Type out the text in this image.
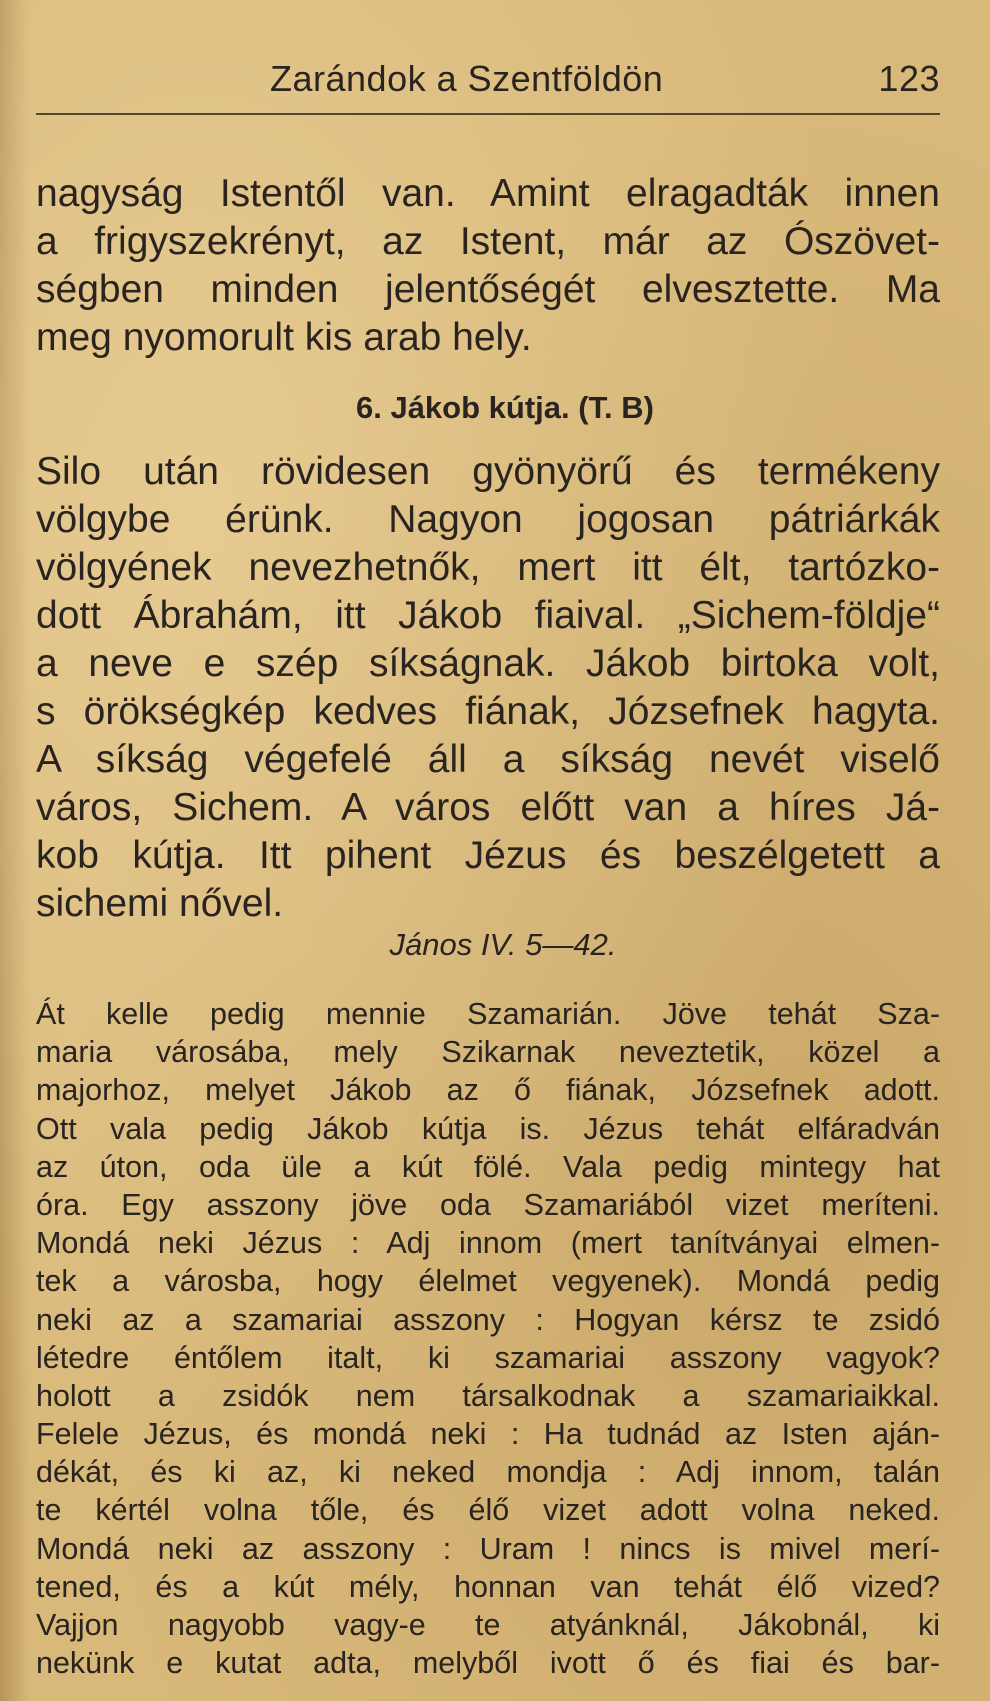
Zarándok a Szentföldön	123
nagyság Istentől van. Amint elragadták innen
a frigyszekrényt, az Istent, már az Ószövet-
ségben minden jelentőségét elvesztette. Ma
meg nyomorult kis arab hely.
6. Jákob kútja. (T. B)
Silo után rövidesen gyönyörű és termékeny
völgybe érünk. Nagyon jogosan pátriárkák
völgyének nevezhetnők, mert itt élt, tartózko-
dott Ábrahám, itt Jákob fiaival. „Sichem-földje“
a neve e szép síkságnak. Jákob birtoka volt,
s örökségkép kedves fiának, Józsefnek hagyta.
A síkság végefelé áll a síkság nevét viselő
város, Sichem. A város előtt van a híres Já-
kob kútja. Itt pihent Jézus és beszélgetett a
sichemi nővel.
János IV. 5—42.
Át kelle pedig mennie Szamarián. Jöve tehát Sza-
maria városába, mely Szikarnak neveztetik, közel a
majorhoz, melyet Jákob az ő fiának, Józsefnek adott.
Ott vala pedig Jákob kútja is. Jézus tehát elfáradván
az úton, oda üle a kút fölé. Vala pedig mintegy hat
óra. Egy asszony jöve oda Szamariából vizet meríteni.
Mondá neki Jézus : Adj innom (mert tanítványai elmen-
tek a városba, hogy élelmet vegyenek). Mondá pedig
neki az a szamariai asszony : Hogyan kérsz te zsidó
létedre éntőlem italt, ki szamariai asszony vagyok?
holott a zsidók nem társalkodnak a szamariaikkal.
Felele Jézus, és mondá neki : Ha tudnád az Isten aján-
dékát, és ki az, ki neked mondja : Adj innom, talán
te kértél volna tőle, és élő vizet adott volna neked.
Mondá neki az asszony : Uram ! nincs is mivel merí-
tened, és a kút mély, honnan van tehát élő vized?
Vajjon nagyobb vagy-e te atyánknál, Jákobnál, ki
nekünk e kutat adta, melyből ivott ő és fiai és bar-
